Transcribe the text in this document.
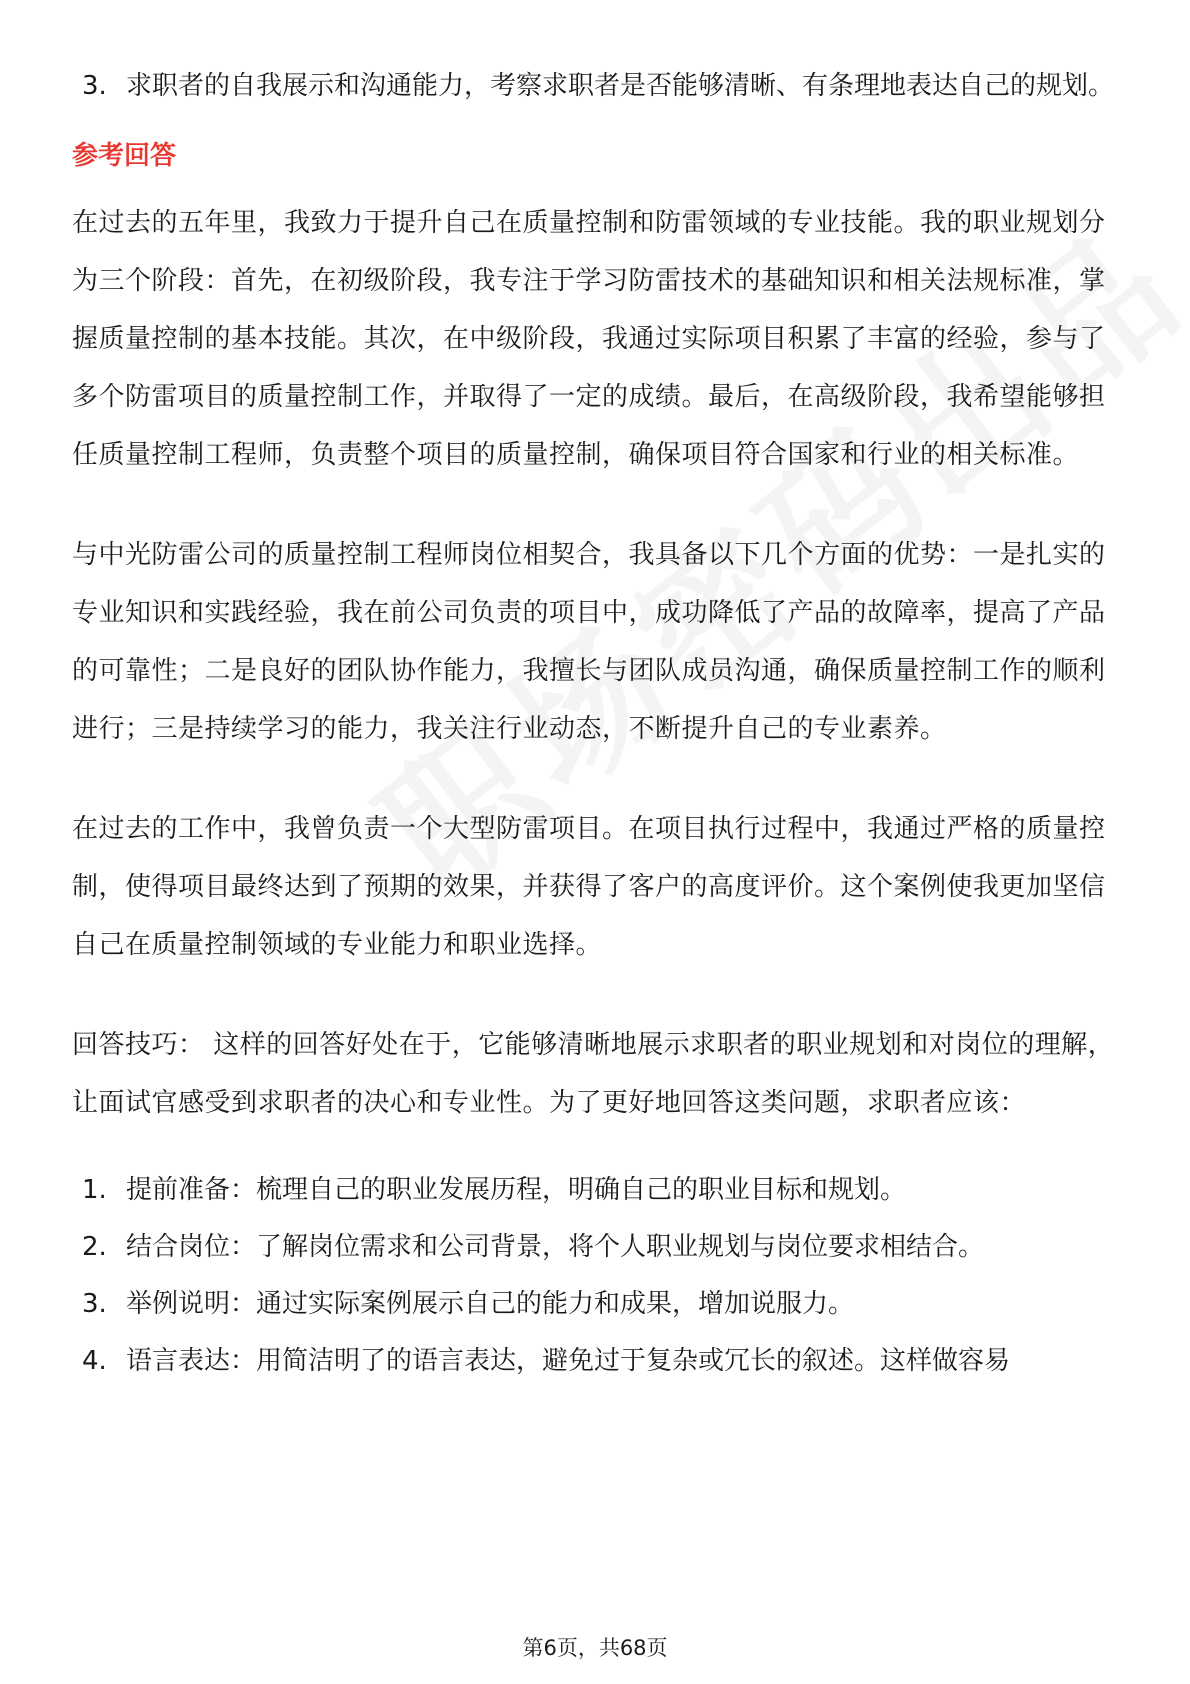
3. 求职者的自我展示和沟通能力，考察求职者是否能够清晰、有条理地表达自己的规划。
参考回答

在过去的五年里，我致力于提升自己在质量控制和防雷领域的专业技能。我的职业规划分为三个阶段：首先，在初级阶段，我专注于学习防雷技术的基础知识和相关法规标准，掌握质量控制的基本技能。其次，在中级阶段，我通过实际项目积累了丰富的经验，参与了多个防雷项目的质量控制工作，并取得了一定的成绩。最后，在高级阶段，我希望能够担任质量控制工程师，负责整个项目的质量控制，确保项目符合国家和行业的相关标准。

与中光防雷公司的质量控制工程师岗位相契合，我具备以下几个方面的优势：一是扎实的专业知识和实践经验，我在前公司负责的项目中，成功降低了产品的故障率，提高了产品的可靠性；二是良好的团队协作能力，我擅长与团队成员沟通，确保质量控制工作的顺利进行；三是持续学习的能力，我关注行业动态，不断提升自己的专业素养。

在过去的工作中，我曾负责一个大型防雷项目。在项目执行过程中，我通过严格的质量控制，使得项目最终达到了预期的效果，并获得了客户的高度评价。这个案例使我更加坚信自己在质量控制领域的专业能力和职业选择。

回答技巧： 这样的回答好处在于，它能够清晰地展示求职者的职业规划和对岗位的理解，让面试官感受到求职者的决心和专业性。为了更好地回答这类问题，求职者应该：

1. 提前准备：梳理自己的职业发展历程，明确自己的职业目标和规划。
2. 结合岗位：了解岗位需求和公司背景，将个人职业规划与岗位要求相结合。
3. 举例说明：通过实际案例展示自己的能力和成果，增加说服力。
4. 语言表达：用简洁明了的语言表达，避免过于复杂或冗长的叙述。这样做容易
第6页，共68页
